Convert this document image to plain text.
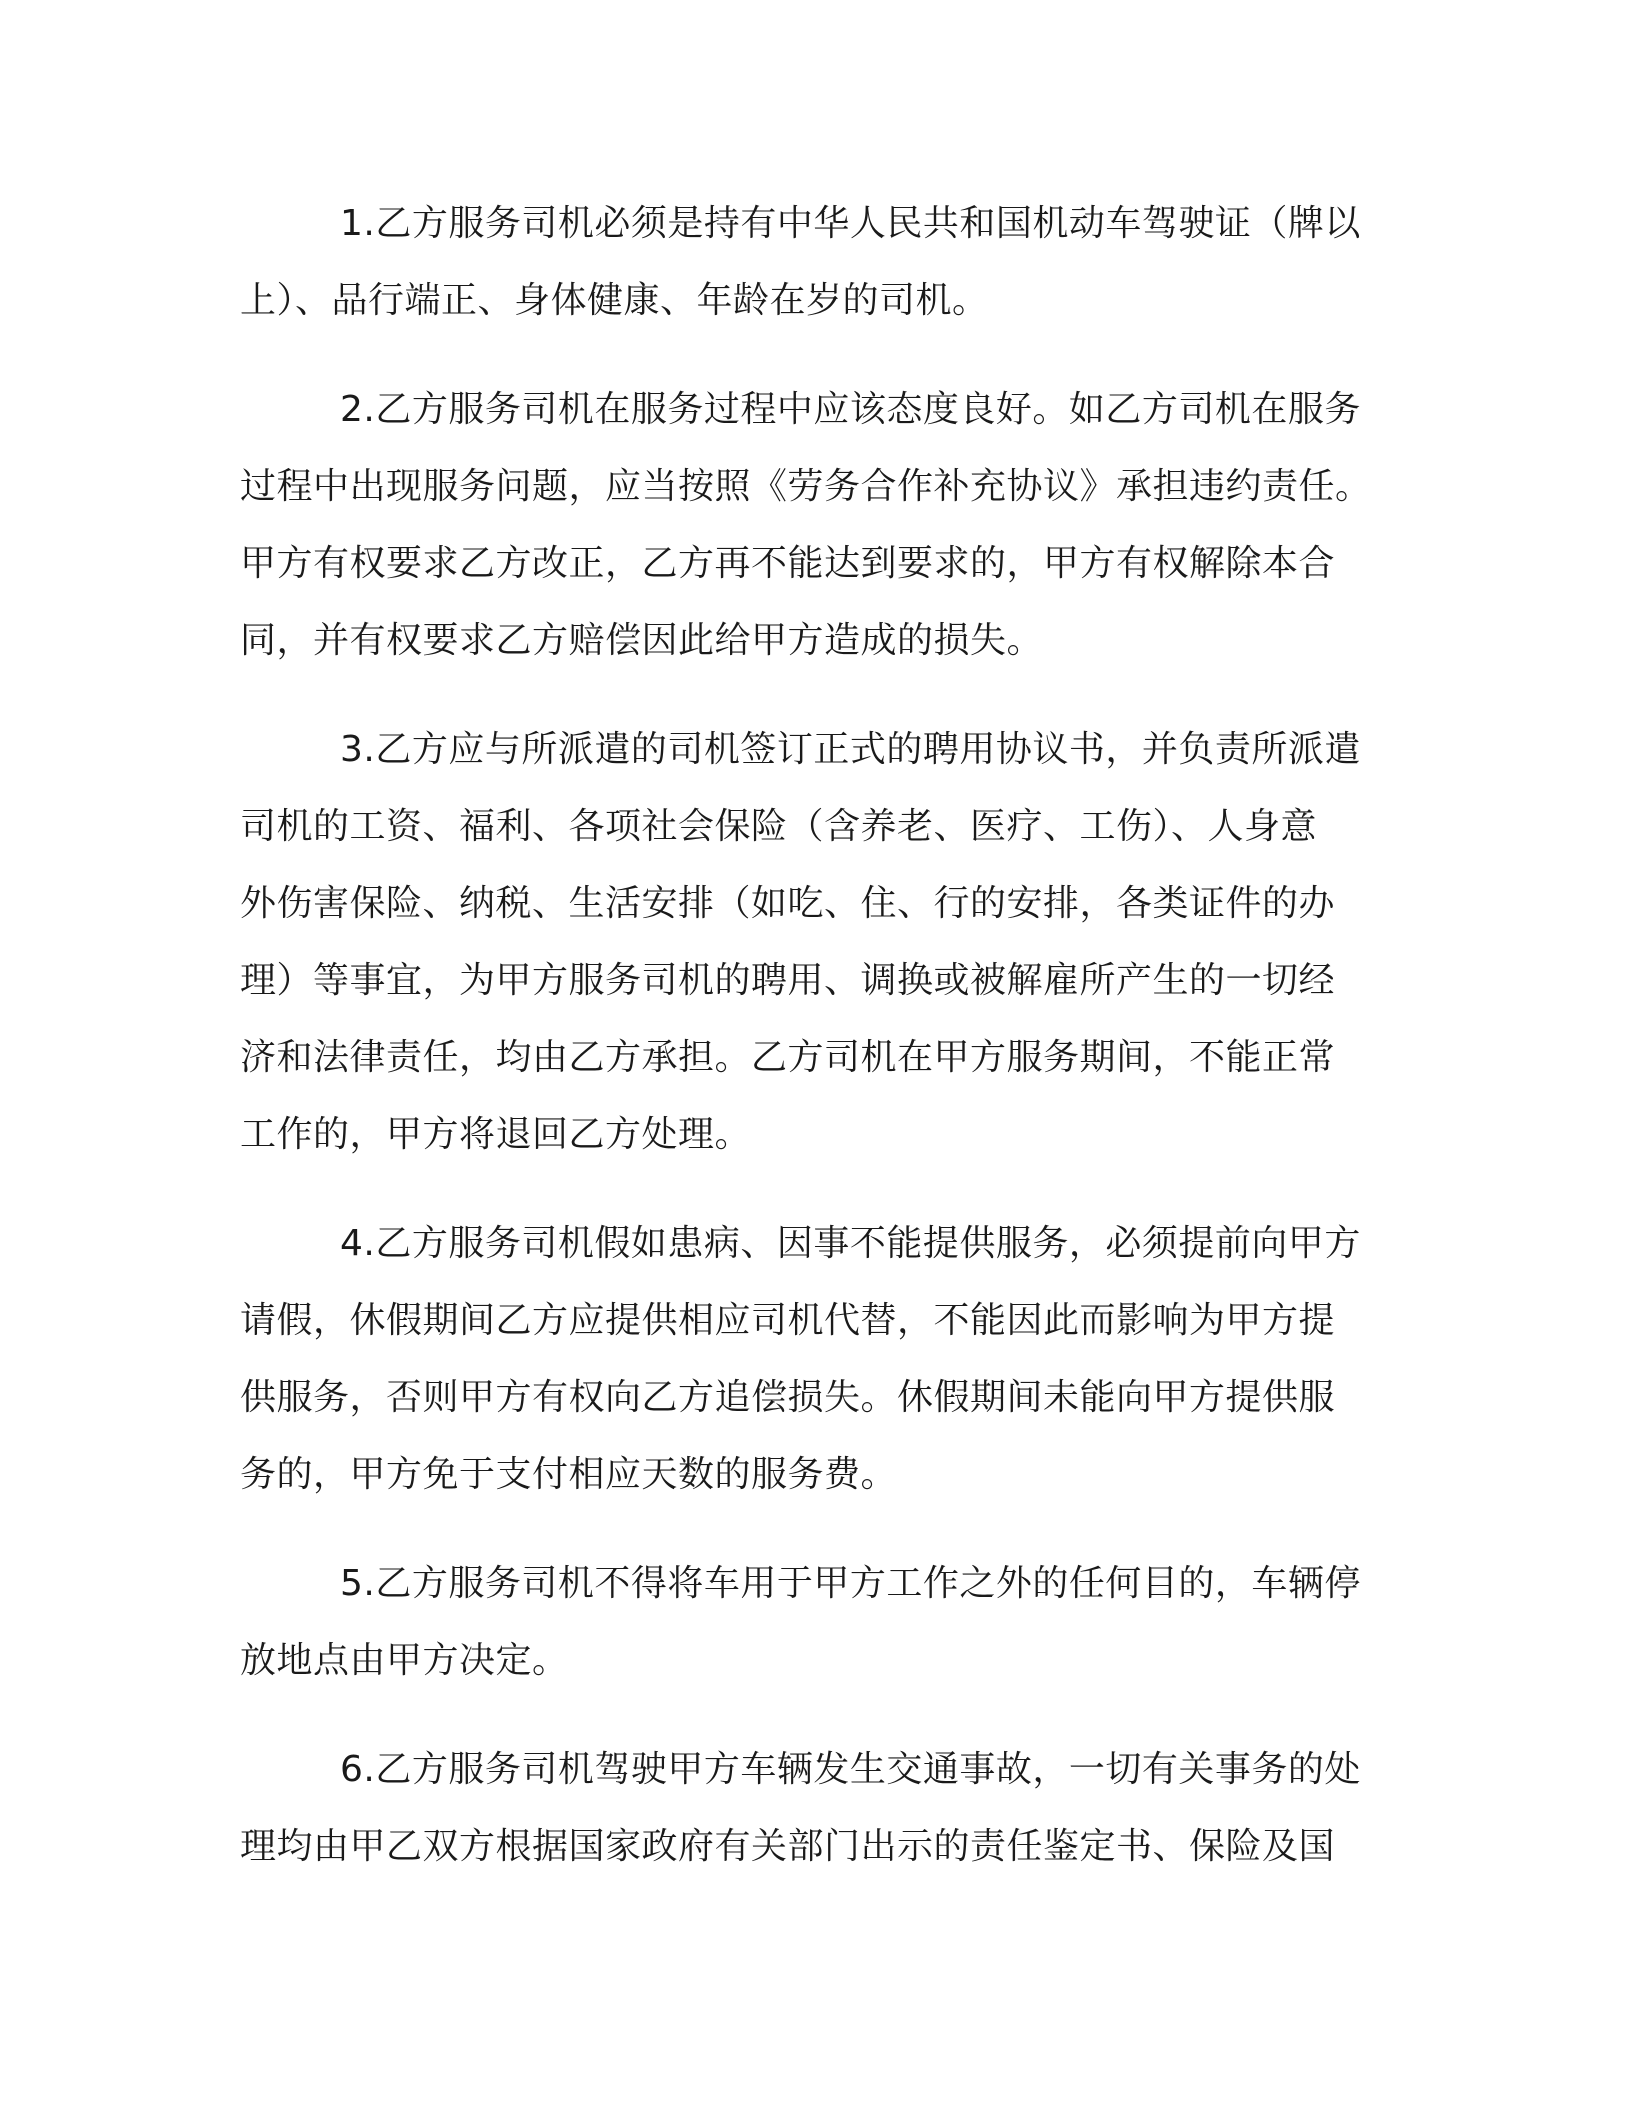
1.乙方服务司机必须是持有中华人民共和国机动车驾驶证（牌以
上）、品行端正、身体健康、年龄在岁的司机。
2.乙方服务司机在服务过程中应该态度良好。如乙方司机在服务
过程中出现服务问题，应当按照《劳务合作补充协议》承担违约责任。
甲方有权要求乙方改正，乙方再不能达到要求的，甲方有权解除本合
同，并有权要求乙方赔偿因此给甲方造成的损失。
3.乙方应与所派遣的司机签订正式的聘用协议书，并负责所派遣
司机的工资、福利、各项社会保险（含养老、医疗、工伤）、人身意
外伤害保险、纳税、生活安排（如吃、住、行的安排，各类证件的办
理）等事宜，为甲方服务司机的聘用、调换或被解雇所产生的一切经
济和法律责任，均由乙方承担。乙方司机在甲方服务期间，不能正常
工作的，甲方将退回乙方处理。
4.乙方服务司机假如患病、因事不能提供服务，必须提前向甲方
请假，休假期间乙方应提供相应司机代替，不能因此而影响为甲方提
供服务，否则甲方有权向乙方追偿损失。休假期间未能向甲方提供服
务的，甲方免于支付相应天数的服务费。
5.乙方服务司机不得将车用于甲方工作之外的任何目的，车辆停
放地点由甲方决定。
6.乙方服务司机驾驶甲方车辆发生交通事故，一切有关事务的处
理均由甲乙双方根据国家政府有关部门出示的责任鉴定书、保险及国
